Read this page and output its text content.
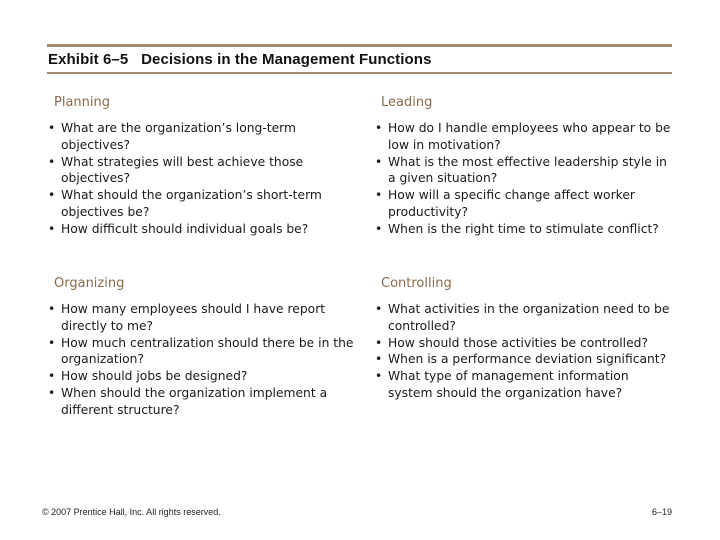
Exhibit 6–5   Decisions in the Management Functions
Planning
• What are the organization’s long-term objectives?
• What strategies will best achieve those objectives?
• What should the organization’s short-term objectives be?
• How difficult should individual goals be?
Leading
• How do I handle employees who appear to be low in motivation?
• What is the most effective leadership style in a given situation?
• How will a specific change affect worker productivity?
• When is the right time to stimulate conflict?
Organizing
• How many employees should I have report directly to me?
• How much centralization should there be in the organization?
• How should jobs be designed?
• When should the organization implement a different structure?
Controlling
• What activities in the organization need to be controlled?
• How should those activities be controlled?
• When is a performance deviation significant?
• What type of management information system should the organization have?
© 2007 Prentice Hall, Inc. All rights reserved.	6–19
